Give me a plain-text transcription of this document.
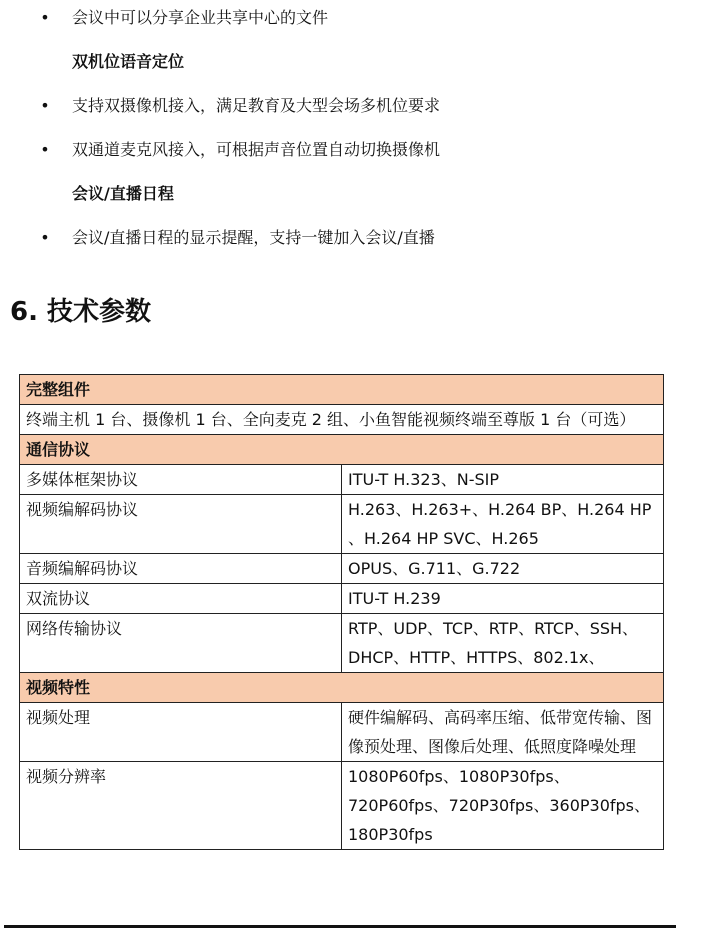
• 会议中可以分享企业共享中心的文件
双机位语音定位
• 支持双摄像机接入，满足教育及大型会场多机位要求
• 双通道麦克风接入，可根据声音位置自动切换摄像机
会议/直播日程
• 会议/直播日程的显示提醒，支持一键加入会议/直播
6. 技术参数
完整组件	
终端主机 1 台、摄像机 1 台、全向麦克 2 组、小鱼智能视频终端至尊版 1 台（可选）	
通信协议	
多媒体框架协议	ITU-T H.323、N-SIP
视频编解码协议	H.263、H.263+、H.264 BP、H.264 HP 、H.264 HP SVC、H.265
音频编解码协议	OPUS、G.711、G.722
双流协议	ITU-T H.239
网络传输协议	RTP、UDP、TCP、RTP、RTCP、SSH、DHCP、HTTP、HTTPS、802.1x、
视频特性	
视频处理	硬件编解码、高码率压缩、低带宽传输、图像预处理、图像后处理、低照度降噪处理
视频分辨率	1080P60fps、1080P30fps、720P60fps、720P30fps、360P30fps、180P30fps
